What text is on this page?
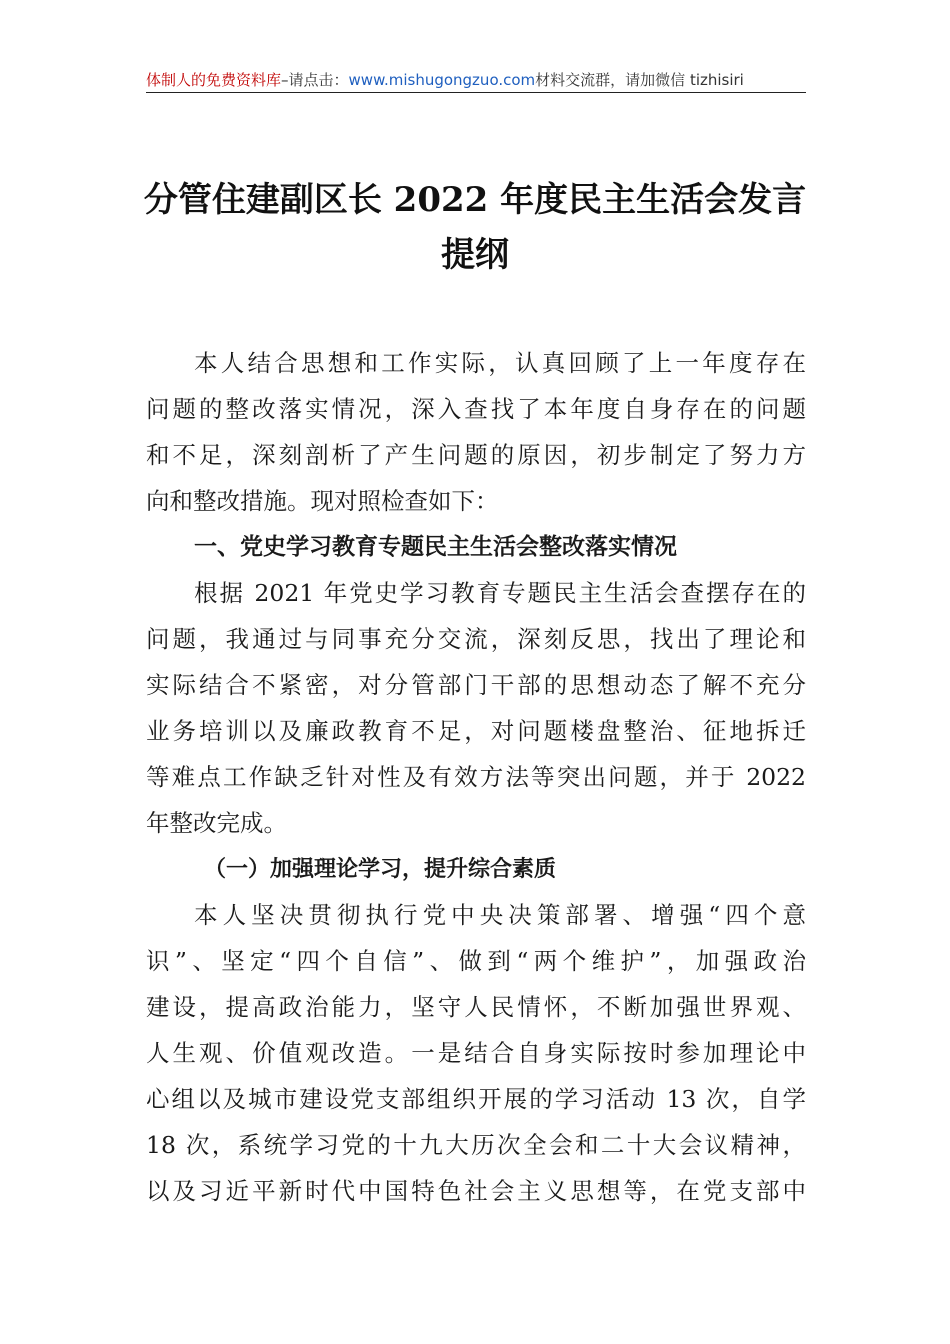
体制人的免费资料库–请点击：www.mishugongzuo.com材料交流群，请加微信 tizhisiri
分管住建副区长 2022 年度民主生活会发言
提纲
本人结合思想和工作实际，认真回顾了上一年度存在
问题的整改落实情况，深入查找了本年度自身存在的问题
和不足，深刻剖析了产生问题的原因，初步制定了努力方
向和整改措施。现对照检查如下：
一、党史学习教育专题民主生活会整改落实情况
根据 2021 年党史学习教育专题民主生活会查摆存在的
问题，我通过与同事充分交流，深刻反思，找出了理论和
实际结合不紧密，对分管部门干部的思想动态了解不充分
业务培训以及廉政教育不足，对问题楼盘整治、征地拆迁
等难点工作缺乏针对性及有效方法等突出问题，并于 2022
年整改完成。
（一）加强理论学习，提升综合素质
本人坚决贯彻执行党中央决策部署、增强“四个意
识”、坚定“四个自信”、做到“两个维护”，加强政治
建设，提高政治能力，坚守人民情怀，不断加强世界观、
人生观、价值观改造。一是结合自身实际按时参加理论中
心组以及城市建设党支部组织开展的学习活动 13 次，自学
18 次，系统学习党的十九大历次全会和二十大会议精神，
以及习近平新时代中国特色社会主义思想等，在党支部中
